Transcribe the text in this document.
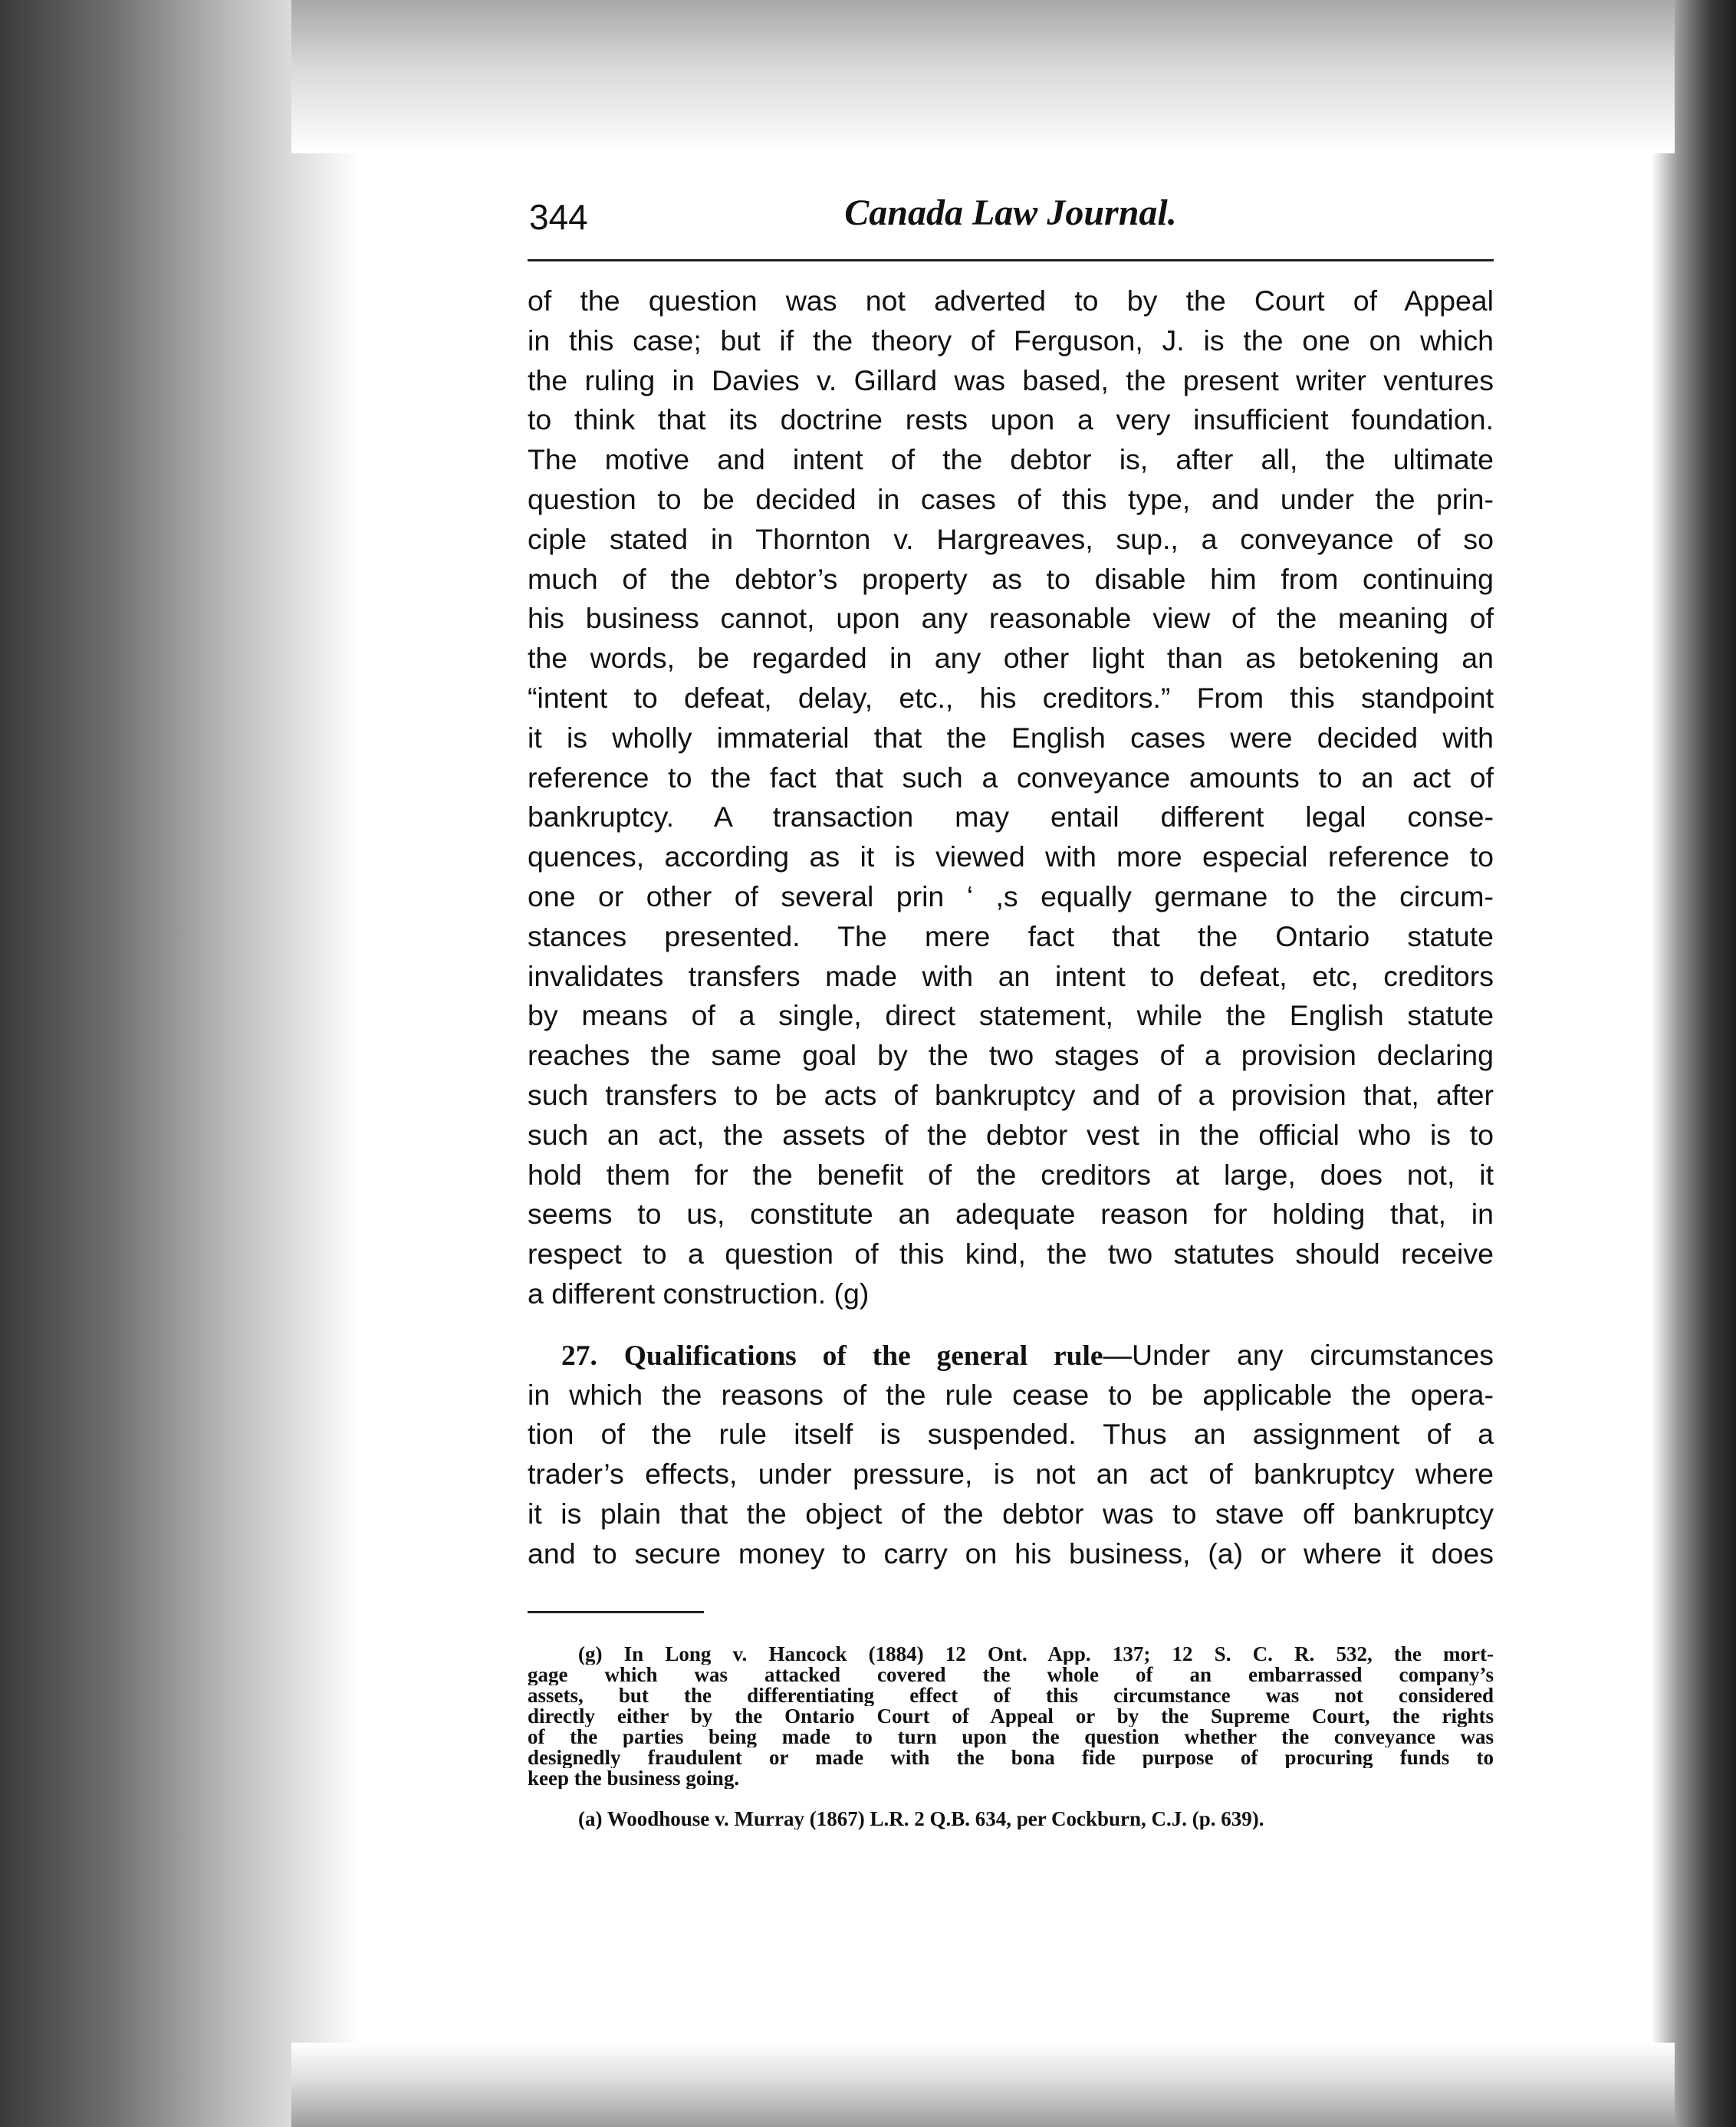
344	Canada Law Journal.
of the question was not adverted to by the Court of Appeal
in this case; but if the theory of Ferguson, J. is the one on which
the ruling in Davies v. Gillard was based, the present writer ventures
to think that its doctrine rests upon a very insufficient foundation.
The motive and intent of the debtor is, after all, the ultimate
question to be decided in cases of this type, and under the prin-
ciple stated in Thornton v. Hargreaves, sup., a conveyance of so
much of the debtor’s property as to disable him from continuing
his business cannot, upon any reasonable view of the meaning of
the words, be regarded in any other light than as betokening an
“intent to defeat, delay, etc., his creditors.” From this standpoint
it is wholly immaterial that the English cases were decided with
reference to the fact that such a conveyance amounts to an act of
bankruptcy. A transaction may entail different legal conse-
quences, according as it is viewed with more especial reference to
one or other of several prin ‘ ,s equally germane to the circum-
stances presented. The mere fact that the Ontario statute
invalidates transfers made with an intent to defeat, etc, creditors
by means of a single, direct statement, while the English statute
reaches the same goal by the two stages of a provision declaring
such transfers to be acts of bankruptcy and of a provision that, after
such an act, the assets of the debtor vest in the official who is to
hold them for the benefit of the creditors at large, does not, it
seems to us, constitute an adequate reason for holding that, in
respect to a question of this kind, the two statutes should receive
a different construction. (g)
27. Qualifications of the general rule—Under any circumstances
in which the reasons of the rule cease to be applicable the opera-
tion of the rule itself is suspended. Thus an assignment of a
trader’s effects, under pressure, is not an act of bankruptcy where
it is plain that the object of the debtor was to stave off bankruptcy
and to secure money to carry on his business, (a) or where it does
(g) In Long v. Hancock (1884) 12 Ont. App. 137; 12 S. C. R. 532, the mort-
gage which was attacked covered the whole of an embarrassed company’s
assets, but the differentiating effect of this circumstance was not considered
directly either by the Ontario Court of Appeal or by the Supreme Court, the rights
of the parties being made to turn upon the question whether the conveyance was
designedly fraudulent or made with the bona fide purpose of procuring funds to
keep the business going.
(a) Woodhouse v. Murray (1867) L.R. 2 Q.B. 634, per Cockburn, C.J. (p. 639).
